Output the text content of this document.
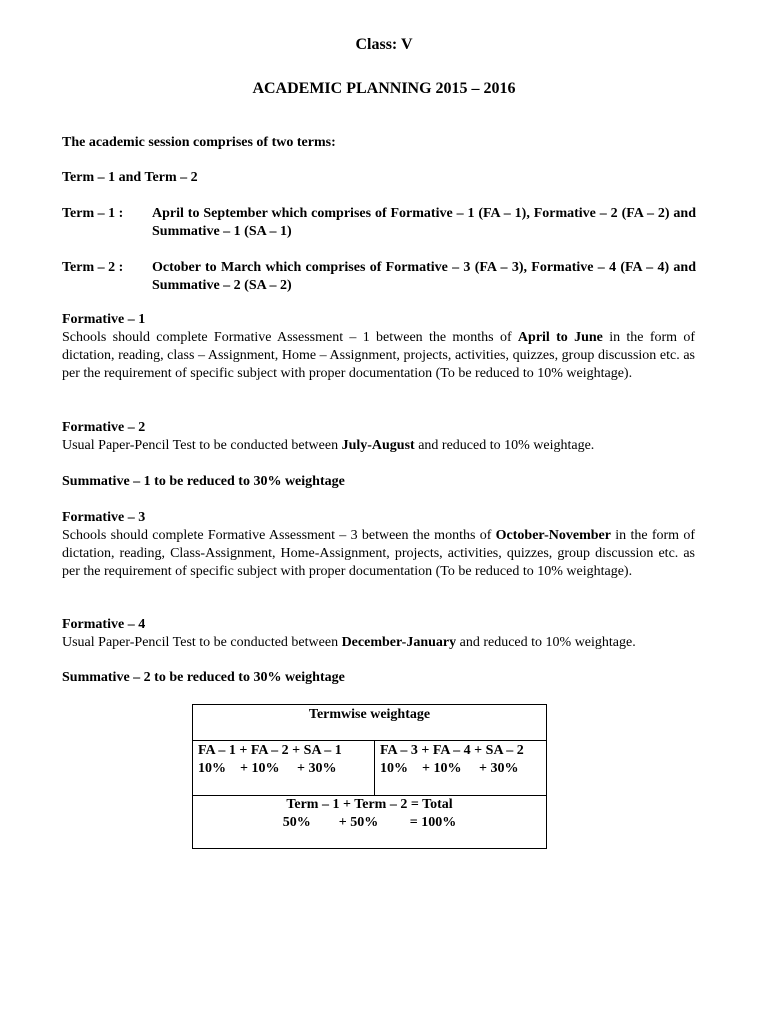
Class: V
ACADEMIC PLANNING 2015 – 2016
The academic session comprises of two terms:
Term – 1 and Term – 2
Term – 1 :	April to September which comprises of Formative – 1 (FA – 1), Formative – 2 (FA – 2) and Summative – 1 (SA – 1)
Term – 2 :	October to March which comprises of Formative – 3 (FA – 3), Formative – 4 (FA – 4) and Summative – 2 (SA – 2)
Formative – 1
Schools should complete Formative Assessment – 1 between the months of April to June in the form of dictation, reading, class – Assignment, Home – Assignment, projects, activities, quizzes, group discussion etc. as per the requirement of specific subject with proper documentation (To be reduced to 10% weightage).
Formative – 2
Usual Paper-Pencil Test to be conducted between July-August and reduced to 10% weightage.
Summative – 1 to be reduced to 30% weightage
Formative – 3
Schools should complete Formative Assessment – 3 between the months of October-November in the form of dictation, reading, Class-Assignment, Home-Assignment, projects, activities, quizzes, group discussion etc. as per the requirement of specific subject with proper documentation (To be reduced to 10% weightage).
Formative – 4
Usual Paper-Pencil Test to be conducted between December-January and reduced to 10% weightage.
Summative – 2 to be reduced to 30% weightage
Termwise weightage
FA – 1 + FA – 2 + SA – 1
10%    + 10%     + 30%
FA – 3 + FA – 4 + SA – 2
10%    + 10%     + 30%
Term – 1 + Term – 2 = Total
50%        + 50%         = 100%
